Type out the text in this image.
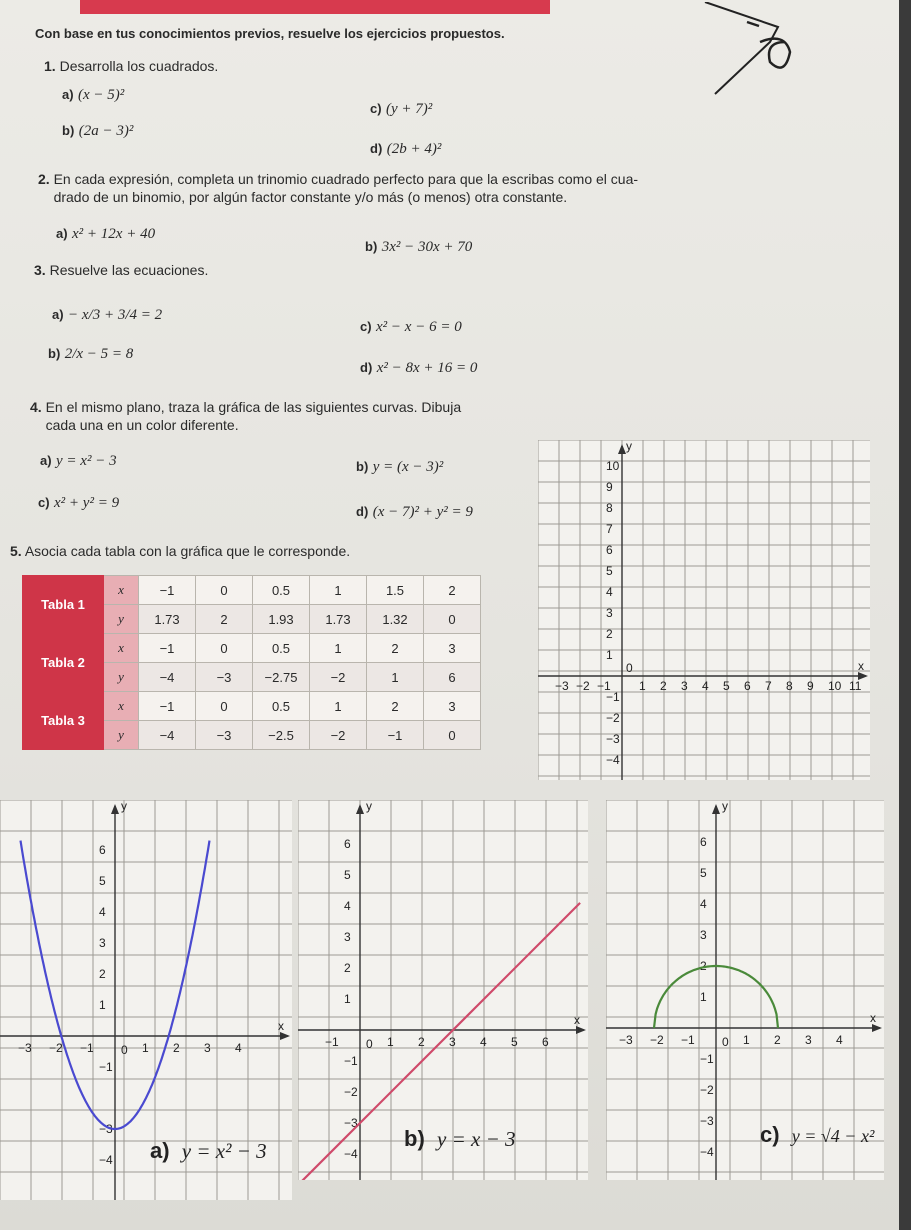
Con base en tus conocimientos previos, resuelve los ejercicios propuestos.
1. Desarrolla los cuadrados.
a) (x − 5)²
b) (2a − 3)²
c) (y + 7)²
d) (2b + 4)²
2. En cada expresión, completa un trinomio cuadrado perfecto para que la escribas como el cua-
drado de un binomio, por algún factor constante y/o más (o menos) otra constante.
a) x² + 12x + 40
b) 3x² − 30x + 70
3. Resuelve las ecuaciones.
a) − x/3 + 3/4 = 2
b) 2/x − 5 = 8
c) x² − x − 6 = 0
d) x² − 8x + 16 = 0
4. En el mismo plano, traza la gráfica de las siguientes curvas. Dibuja
cada una en un color diferente.
a) y = x² − 3	b) y = (x − 3)²
c) x² + y² = 9
d) (x − 7)² + y² = 9
5. Asocia cada tabla con la gráfica que le corresponde.
Tabla 1	x	−1	0	0.5	1	1.5	2
	y	1.73	2	1.93	1.73	1.32	0
Tabla 2	x	−1	0	0.5	1	2	3
	y	−4	−3	−2.75	−2	1	6
Tabla 3	x	−1	0	0.5	1	2	3
	y	−4	−3	−2.5	−2	−1	0
−3 −2 −1 1 2 3 4 5 6 7 8 9 10 11
10
9
8
7
6
5
4
3
2
1
−1
−2
−3
−4
0	x
y
−3 −2 −1	1 2 3 4
6
5
4
3
2
1
−1
−3
−4
0
x
y
−1	1 2 3 4 5 6
6
5
4
3
2
1
−1
−2
−3
−4
0
x
y
−3 −2 −1	1 2 3 4
6
5
4
3
2
1
−1
−2
−3
−4
0
x
y
a) y = x² − 3	b) y = x − 3	c) y = √4 − x²
